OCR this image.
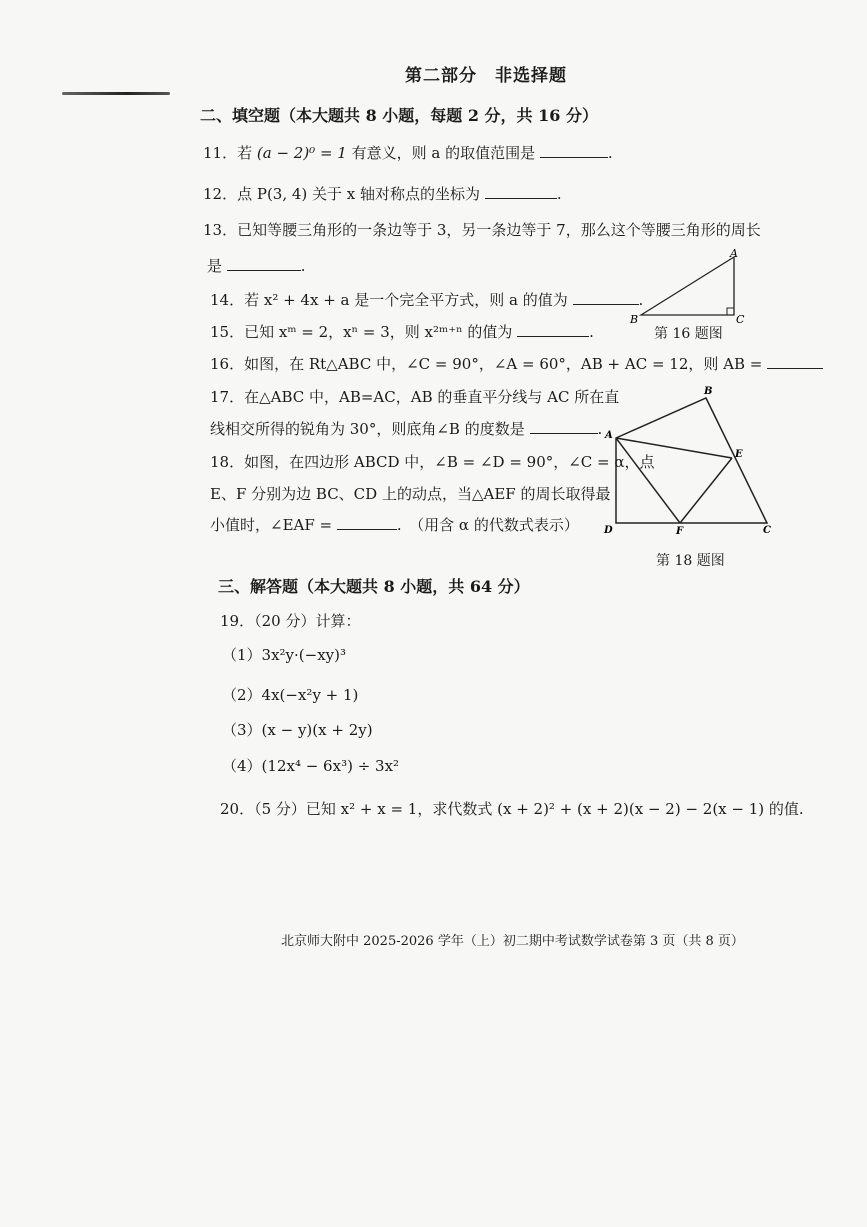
第二部分　非选择题
二、填空题（本大题共 8 小题，每题 2 分，共 16 分）
11．若 (a − 2)⁰ = 1 有意义，则 a 的取值范围是	.
12．点 P(3, 4) 关于 x 轴对称点的坐标为	.
13．已知等腰三角形的一条边等于 3，另一条边等于 7，那么这个等腰三角形的周长
是	.
14．若 x² + 4x + a 是一个完全平方式，则 a 的值为	.
15．已知 xᵐ = 2，xⁿ = 3，则 x²ᵐ⁺ⁿ 的值为	.
16．如图，在 Rt△ABC 中，∠C = 90°，∠A = 60°，AB + AC = 12，则 AB =
17．在△ABC 中，AB=AC，AB 的垂直平分线与 AC 所在直
线相交所得的锐角为 30°，则底角∠B 的度数是	.
18．如图，在四边形 ABCD 中，∠B = ∠D = 90°，∠C = α，点
E、F 分别为边 BC、CD 上的动点，当△AEF 的周长取得最
小值时，∠EAF =	.　（用含 α 的代数式表示）
A
B	C
第 16 题图
A
B
C
D
E
F
第 18 题图
三、解答题（本大题共 8 小题，共 64 分）
19．（20 分）计算：
（1）3x²y·(−xy)³
（2）4x(−x²y + 1)
（3）(x − y)(x + 2y)
（4）(12x⁴ − 6x³) ÷ 3x²
20．（5 分）已知 x² + x = 1，求代数式 (x + 2)² + (x + 2)(x − 2) − 2(x − 1) 的值.
北京师大附中 2025-2026 学年（上）初二期中考试数学试卷第 3 页（共 8 页）
